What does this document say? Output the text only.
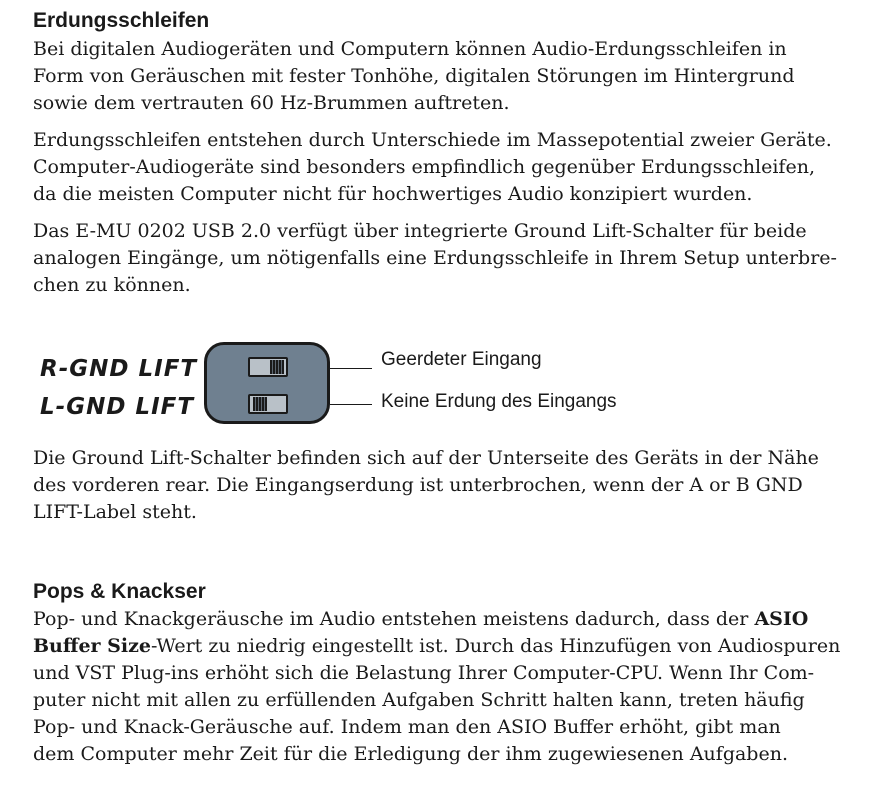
Erdungsschleifen

Bei digitalen Audiogeräten und Computern können Audio-Erdungsschleifen in
Form von Geräuschen mit fester Tonhöhe, digitalen Störungen im Hintergrund
sowie dem vertrauten 60 Hz-Brummen auftreten.

Erdungsschleifen entstehen durch Unterschiede im Massepotential zweier Geräte.
Computer-Audiogeräte sind besonders empfindlich gegenüber Erdungsschleifen,
da die meisten Computer nicht für hochwertiges Audio konzipiert wurden.

Das E-MU 0202 USB 2.0 verfügt über integrierte Ground Lift-Schalter für beide
analogen Eingänge, um nötigenfalls eine Erdungsschleife in Ihrem Setup unterbre-
chen zu können.

R-GND LIFT
L-GND LIFT
Geerdeter Eingang
Keine Erdung des Eingangs

Die Ground Lift-Schalter befinden sich auf der Unterseite des Geräts in der Nähe
des vorderen rear. Die Eingangserdung ist unterbrochen, wenn der A or B GND
LIFT-Label steht.

Pops & Knackser

Pop- und Knackgeräusche im Audio entstehen meistens dadurch, dass der ASIO
Buffer Size-Wert zu niedrig eingestellt ist. Durch das Hinzufügen von Audiospuren
und VST Plug-ins erhöht sich die Belastung Ihrer Computer-CPU. Wenn Ihr Com-
puter nicht mit allen zu erfüllenden Aufgaben Schritt halten kann, treten häufig
Pop- und Knack-Geräusche auf. Indem man den ASIO Buffer erhöht, gibt man
dem Computer mehr Zeit für die Erledigung der ihm zugewiesenen Aufgaben.
